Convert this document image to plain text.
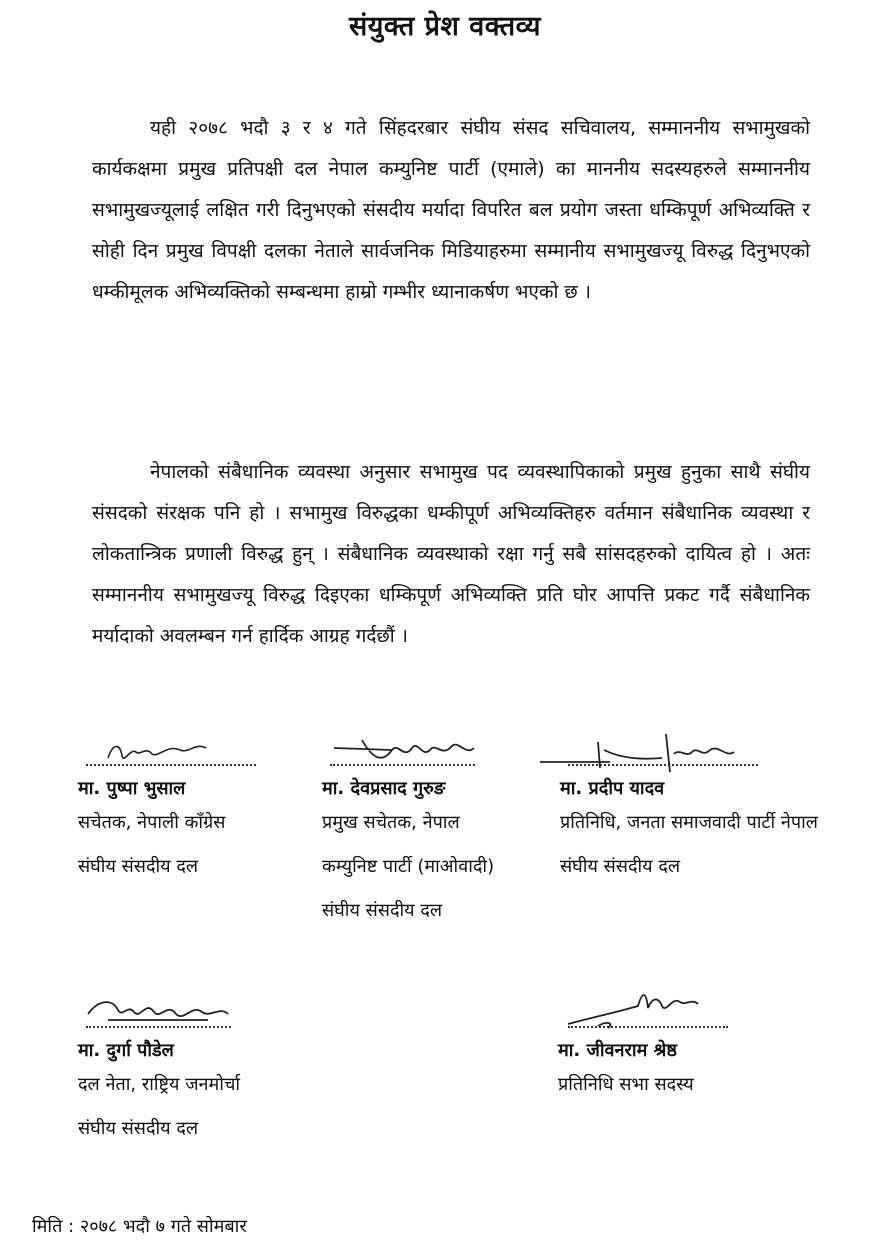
संयुक्त प्रेश वक्तव्य

यही २०७८ भदौ ३ र ४ गते सिंहदरबार संघीय संसद सचिवालय, सम्माननीय सभामुखको कार्यकक्षमा प्रमुख प्रतिपक्षी दल नेपाल कम्युनिष्ट पार्टी (एमाले) का माननीय सदस्यहरुले सम्माननीय सभामुखज्यूलाई लक्षित गरी दिनुभएको संसदीय मर्यादा विपरित बल प्रयोग जस्ता धम्किपूर्ण अभिव्यक्ति र सोही दिन प्रमुख विपक्षी दलका नेताले सार्वजनिक मिडियाहरुमा सम्मानीय सभामुखज्यू विरुद्ध दिनुभएको धम्कीमूलक अभिव्यक्तिको सम्बन्धमा हाम्रो गम्भीर ध्यानाकर्षण भएको छ ।

नेपालको संबैधानिक व्यवस्था अनुसार सभामुख पद व्यवस्थापिकाको प्रमुख हुनुका साथै संघीय संसदको संरक्षक पनि हो । सभामुख विरुद्धका धम्कीपूर्ण अभिव्यक्तिहरु वर्तमान संबैधानिक व्यवस्था र लोकतान्त्रिक प्रणाली विरुद्ध हुन् । संबैधानिक व्यवस्थाको रक्षा गर्नु सबै सांसदहरुको दायित्व हो । अतः सम्माननीय सभामुखज्यू विरुद्ध दिइएका धम्किपूर्ण अभिव्यक्ति प्रति घोर आपत्ति प्रकट गर्दै संबैधानिक मर्यादाको अवलम्बन गर्न हार्दिक आग्रह गर्दछौं ।

मा. पुष्पा भुसाल
सचेतक, नेपाली काँग्रेस
संघीय संसदीय दल
मा. देवप्रसाद गुरुङ
प्रमुख सचेतक, नेपाल
कम्युनिष्ट पार्टी (माओवादी)
संघीय संसदीय दल
मा. प्रदीप यादव
प्रतिनिधि, जनता समाजवादी पार्टी नेपाल
संघीय संसदीय दल
मा. दुर्गा पौडेल
दल नेता, राष्ट्रिय जनमोर्चा
संघीय संसदीय दल
मा. जीवनराम श्रेष्ठ
प्रतिनिधि सभा सदस्य
मिति : २०७८ भदौ ७ गते सोमबार
